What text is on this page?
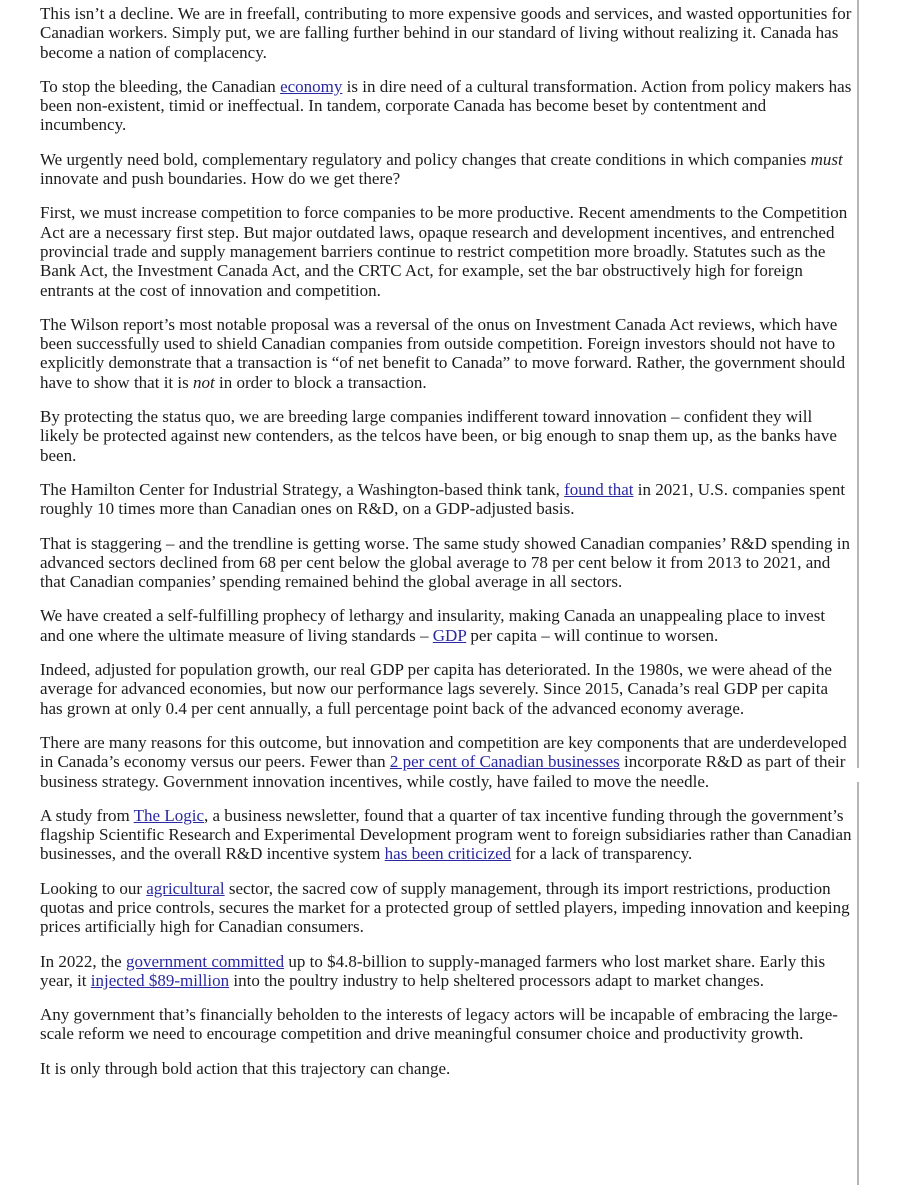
This isn’t a decline. We are in freefall, contributing to more expensive goods and services, and wasted opportunities for Canadian workers. Simply put, we are falling further behind in our standard of living without realizing it. Canada has become a nation of complacency.

To stop the bleeding, the Canadian economy is in dire need of a cultural transformation. Action from policy makers has been non-existent, timid or ineffectual. In tandem, corporate Canada has become beset by contentment and incumbency.

We urgently need bold, complementary regulatory and policy changes that create conditions in which companies must innovate and push boundaries. How do we get there?

First, we must increase competition to force companies to be more productive. Recent amendments to the Competition Act are a necessary first step. But major outdated laws, opaque research and development incentives, and entrenched provincial trade and supply management barriers continue to restrict competition more broadly. Statutes such as the Bank Act, the Investment Canada Act, and the CRTC Act, for example, set the bar obstructively high for foreign entrants at the cost of innovation and competition.

The Wilson report’s most notable proposal was a reversal of the onus on Investment Canada Act reviews, which have been successfully used to shield Canadian companies from outside competition. Foreign investors should not have to explicitly demonstrate that a transaction is “of net benefit to Canada” to move forward. Rather, the government should have to show that it is not in order to block a transaction.

By protecting the status quo, we are breeding large companies indifferent toward innovation – confident they will likely be protected against new contenders, as the telcos have been, or big enough to snap them up, as the banks have been.

The Hamilton Center for Industrial Strategy, a Washington-based think tank, found that in 2021, U.S. companies spent roughly 10 times more than Canadian ones on R&D, on a GDP-adjusted basis.

That is staggering – and the trendline is getting worse. The same study showed Canadian companies’ R&D spending in advanced sectors declined from 68 per cent below the global average to 78 per cent below it from 2013 to 2021, and that Canadian companies’ spending remained behind the global average in all sectors.

We have created a self-fulfilling prophecy of lethargy and insularity, making Canada an unappealing place to invest and one where the ultimate measure of living standards – GDP per capita – will continue to worsen.

Indeed, adjusted for population growth, our real GDP per capita has deteriorated. In the 1980s, we were ahead of the average for advanced economies, but now our performance lags severely. Since 2015, Canada’s real GDP per capita has grown at only 0.4 per cent annually, a full percentage point back of the advanced economy average.

There are many reasons for this outcome, but innovation and competition are key components that are underdeveloped in Canada’s economy versus our peers. Fewer than 2 per cent of Canadian businesses incorporate R&D as part of their business strategy. Government innovation incentives, while costly, have failed to move the needle.

A study from The Logic, a business newsletter, found that a quarter of tax incentive funding through the government’s flagship Scientific Research and Experimental Development program went to foreign subsidiaries rather than Canadian businesses, and the overall R&D incentive system has been criticized for a lack of transparency.

Looking to our agricultural sector, the sacred cow of supply management, through its import restrictions, production quotas and price controls, secures the market for a protected group of settled players, impeding innovation and keeping prices artificially high for Canadian consumers.

In 2022, the government committed up to $4.8-billion to supply-managed farmers who lost market share. Early this year, it injected $89-million into the poultry industry to help sheltered processors adapt to market changes.

Any government that’s financially beholden to the interests of legacy actors will be incapable of embracing the large-scale reform we need to encourage competition and drive meaningful consumer choice and productivity growth.

It is only through bold action that this trajectory can change.
